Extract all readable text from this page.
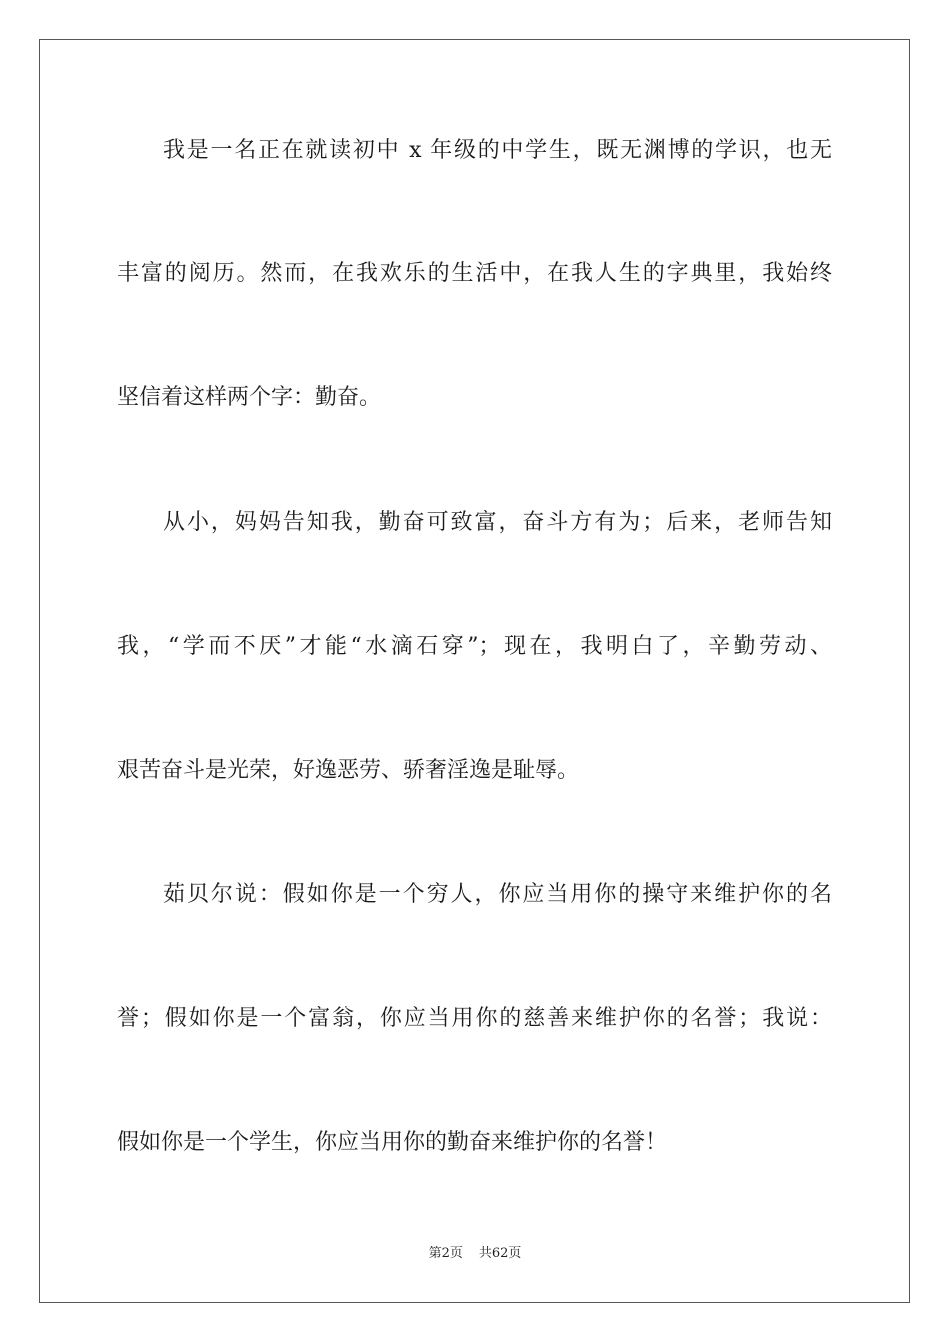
我是一名正在就读初中 x 年级的中学生，既无渊博的学识，也无
丰富的阅历。然而，在我欢乐的生活中，在我人生的字典里，我始终
坚信着这样两个字：勤奋。
从小，妈妈告知我，勤奋可致富，奋斗方有为；后来，老师告知
我，“学而不厌”才能“水滴石穿”；现在，我明白了，辛勤劳动、
艰苦奋斗是光荣，好逸恶劳、骄奢淫逸是耻辱。
茹贝尔说：假如你是一个穷人，你应当用你的操守来维护你的名
誉；假如你是一个富翁，你应当用你的慈善来维护你的名誉；我说：
假如你是一个学生，你应当用你的勤奋来维护你的名誉！
第2页 共62页
